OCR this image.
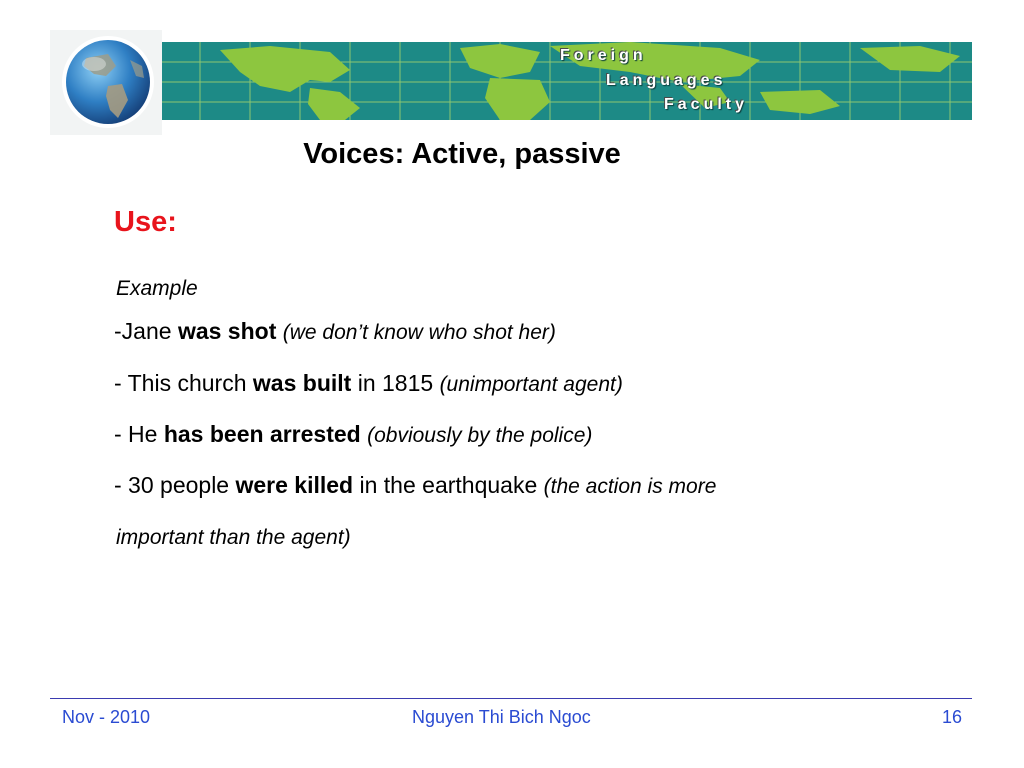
Foreign
Languages
Faculty
Voices: Active, passive
Use:
Example
-Jane was shot (we don’t know who shot her)
- This church was built in 1815 (unimportant agent)
- He has been arrested (obviously by the police)
- 30 people were killed in the earthquake (the action is more
important than the agent)
Nov - 2010	Nguyen Thi Bich Ngoc	16
